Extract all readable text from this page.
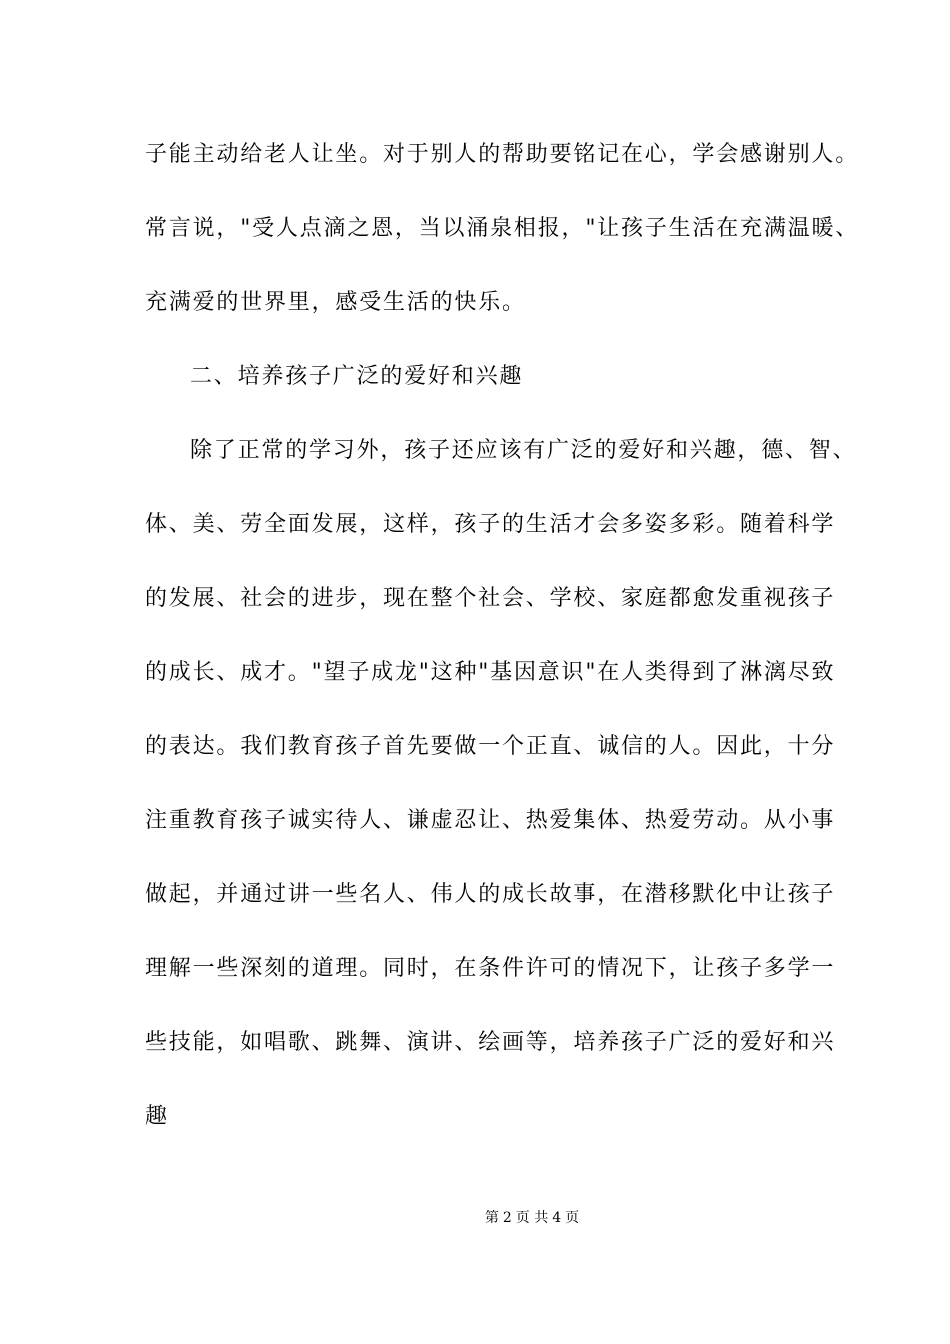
子能主动给老人让坐。对于别人的帮助要铭记在心，学会感谢别人。
常言说，"受人点滴之恩，当以涌泉相报，"让孩子生活在充满温暖、
充满爱的世界里，感受生活的快乐。
二、培养孩子广泛的爱好和兴趣
除了正常的学习外，孩子还应该有广泛的爱好和兴趣，德、智、
体、美、劳全面发展，这样，孩子的生活才会多姿多彩。随着科学
的发展、社会的进步，现在整个社会、学校、家庭都愈发重视孩子
的成长、成才。"望子成龙"这种"基因意识"在人类得到了淋漓尽致
的表达。我们教育孩子首先要做一个正直、诚信的人。因此，十分
注重教育孩子诚实待人、谦虚忍让、热爱集体、热爱劳动。从小事
做起，并通过讲一些名人、伟人的成长故事，在潜移默化中让孩子
理解一些深刻的道理。同时，在条件许可的情况下，让孩子多学一
些技能，如唱歌、跳舞、演讲、绘画等，培养孩子广泛的爱好和兴
趣
第 2 页 共 4 页
